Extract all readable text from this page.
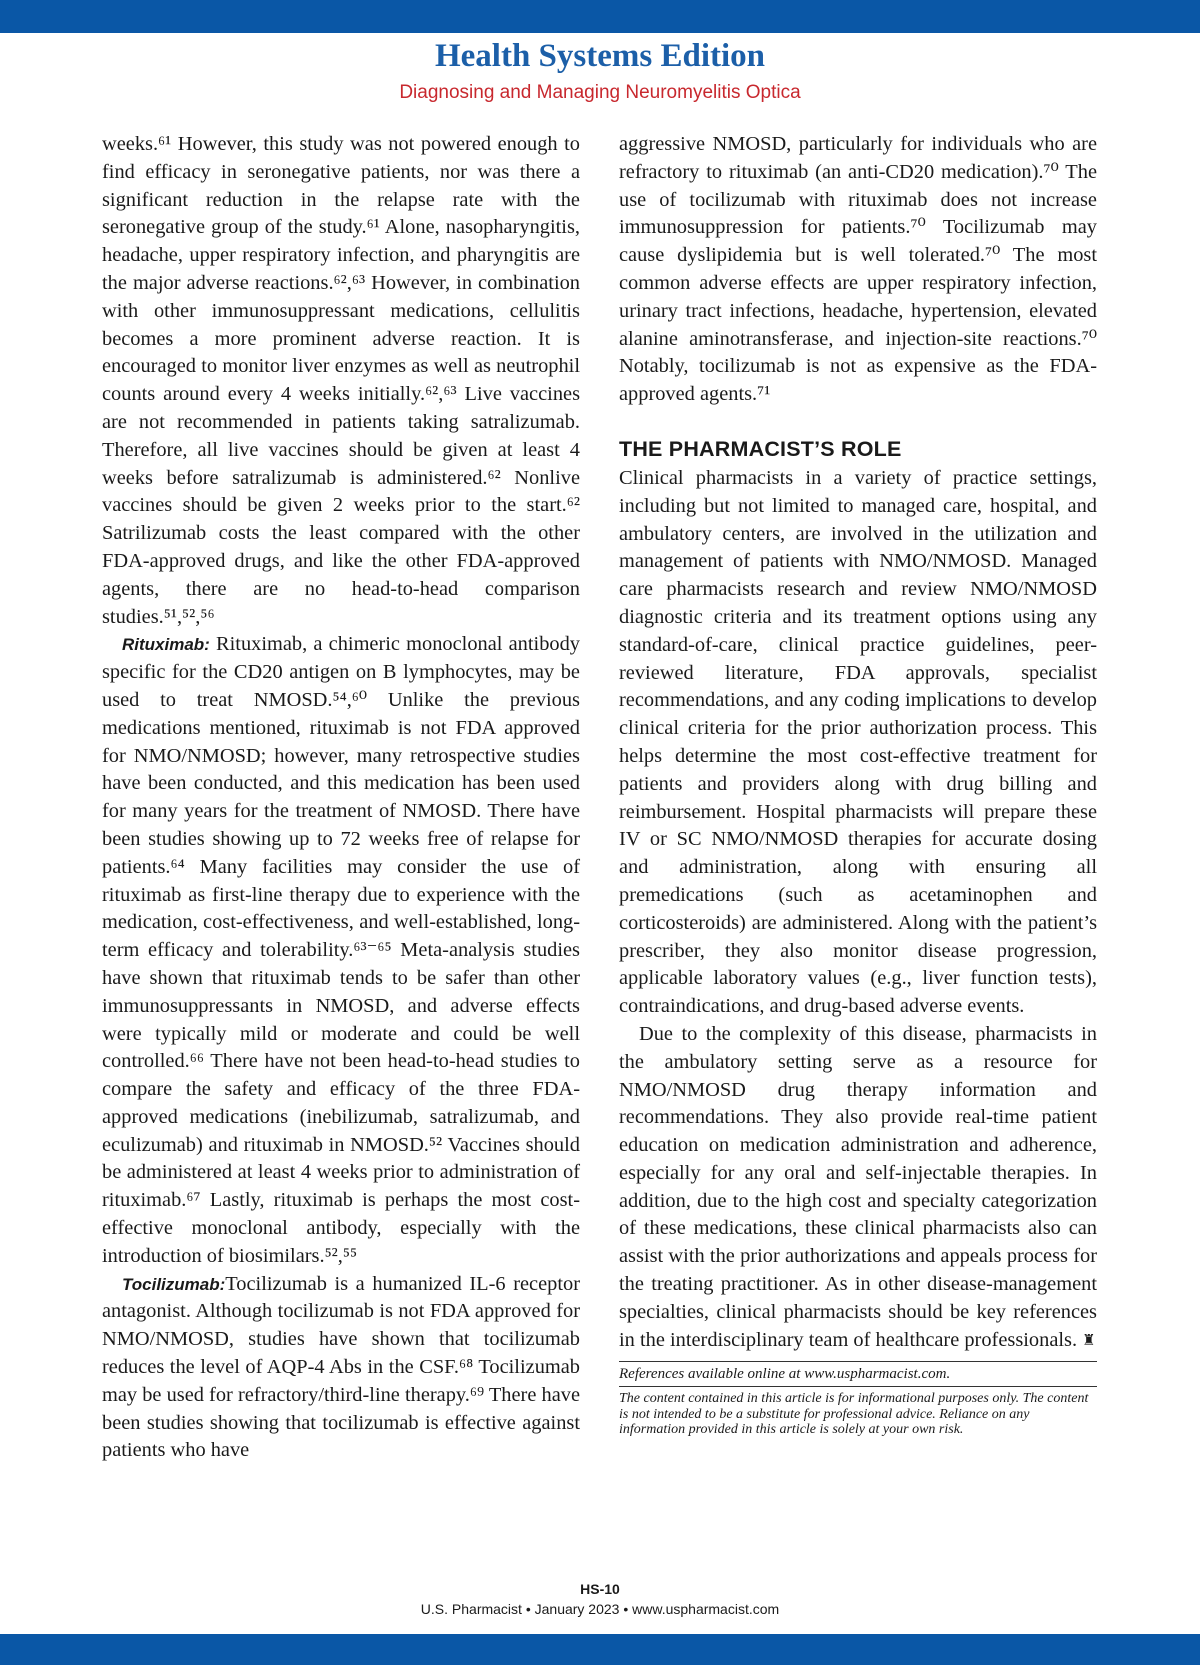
Health Systems Edition
Diagnosing and Managing Neuromyelitis Optica

weeks.⁶¹ However, this study was not powered enough to find efficacy in seronegative patients, nor was there a significant reduction in the relapse rate with the seronegative group of the study.⁶¹ Alone, nasopharyngitis, headache, upper respiratory infection, and pharyngitis are the major adverse reactions.⁶²,⁶³ However, in combination with other immunosuppressant medications, cellulitis becomes a more prominent adverse reaction. It is encouraged to monitor liver enzymes as well as neutrophil counts around every 4 weeks initially.⁶²,⁶³ Live vaccines are not recommended in patients taking satralizumab. Therefore, all live vaccines should be given at least 4 weeks before satralizumab is administered.⁶² Nonlive vaccines should be given 2 weeks prior to the start.⁶² Satrilizumab costs the least compared with the other FDA-approved drugs, and like the other FDA-approved agents, there are no head-to-head comparison studies.⁵¹,⁵²,⁵⁶

Rituximab: Rituximab, a chimeric monoclonal antibody specific for the CD20 antigen on B lymphocytes, may be used to treat NMOSD.⁵⁴,⁶⁰ Unlike the previous medications mentioned, rituximab is not FDA approved for NMO/NMOSD; however, many retrospective studies have been conducted, and this medication has been used for many years for the treatment of NMOSD. There have been studies showing up to 72 weeks free of relapse for patients.⁶⁴ Many facilities may consider the use of rituximab as first-line therapy due to experience with the medication, cost-effectiveness, and well-established, long-term efficacy and tolerability.⁶³⁻⁶⁵ Meta-analysis studies have shown that rituximab tends to be safer than other immunosuppressants in NMOSD, and adverse effects were typically mild or moderate and could be well controlled.⁶⁶ There have not been head-to-head studies to compare the safety and efficacy of the three FDA-approved medications (inebilizumab, satralizumab, and eculizumab) and rituximab in NMOSD.⁵² Vaccines should be administered at least 4 weeks prior to administration of rituximab.⁶⁷ Lastly, rituximab is perhaps the most cost-effective monoclonal antibody, especially with the introduction of biosimilars.⁵²,⁵⁵

Tocilizumab:Tocilizumab is a humanized IL-6 receptor antagonist. Although tocilizumab is not FDA approved for NMO/NMOSD, studies have shown that tocilizumab reduces the level of AQP-4 Abs in the CSF.⁶⁸ Tocilizumab may be used for refractory/third-line therapy.⁶⁹ There have been studies showing that tocilizumab is effective against patients who have

aggressive NMOSD, particularly for individuals who are refractory to rituximab (an anti-CD20 medication).⁷⁰ The use of tocilizumab with rituximab does not increase immunosuppression for patients.⁷⁰ Tocilizumab may cause dyslipidemia but is well tolerated.⁷⁰ The most common adverse effects are upper respiratory infection, urinary tract infections, headache, hypertension, elevated alanine aminotransferase, and injection-site reactions.⁷⁰ Notably, tocilizumab is not as expensive as the FDA-approved agents.⁷¹

THE PHARMACIST’S ROLE

Clinical pharmacists in a variety of practice settings, including but not limited to managed care, hospital, and ambulatory centers, are involved in the utilization and management of patients with NMO/NMOSD. Managed care pharmacists research and review NMO/NMOSD diagnostic criteria and its treatment options using any standard-of-care, clinical practice guidelines, peer-reviewed literature, FDA approvals, specialist recommendations, and any coding implications to develop clinical criteria for the prior authorization process. This helps determine the most cost-effective treatment for patients and providers along with drug billing and reimbursement. Hospital pharmacists will prepare these IV or SC NMO/NMOSD therapies for accurate dosing and administration, along with ensuring all premedications (such as acetaminophen and corticosteroids) are administered. Along with the patient’s prescriber, they also monitor disease progression, applicable laboratory values (e.g., liver function tests), contraindications, and drug-based adverse events.

Due to the complexity of this disease, pharmacists in the ambulatory setting serve as a resource for NMO/NMOSD drug therapy information and recommendations. They also provide real-time patient education on medication administration and adherence, especially for any oral and self-injectable therapies. In addition, due to the high cost and specialty categorization of these medications, these clinical pharmacists also can assist with the prior authorizations and appeals process for the treating practitioner. As in other disease-management specialties, clinical pharmacists should be key references in the interdisciplinary team of healthcare professionals. ♜

References available online at www.uspharmacist.com.
The content contained in this article is for informational purposes only. The content is not intended to be a substitute for professional advice. Reliance on any information provided in this article is solely at your own risk.
HS-10
U.S. Pharmacist • January 2023 • www.uspharmacist.com
